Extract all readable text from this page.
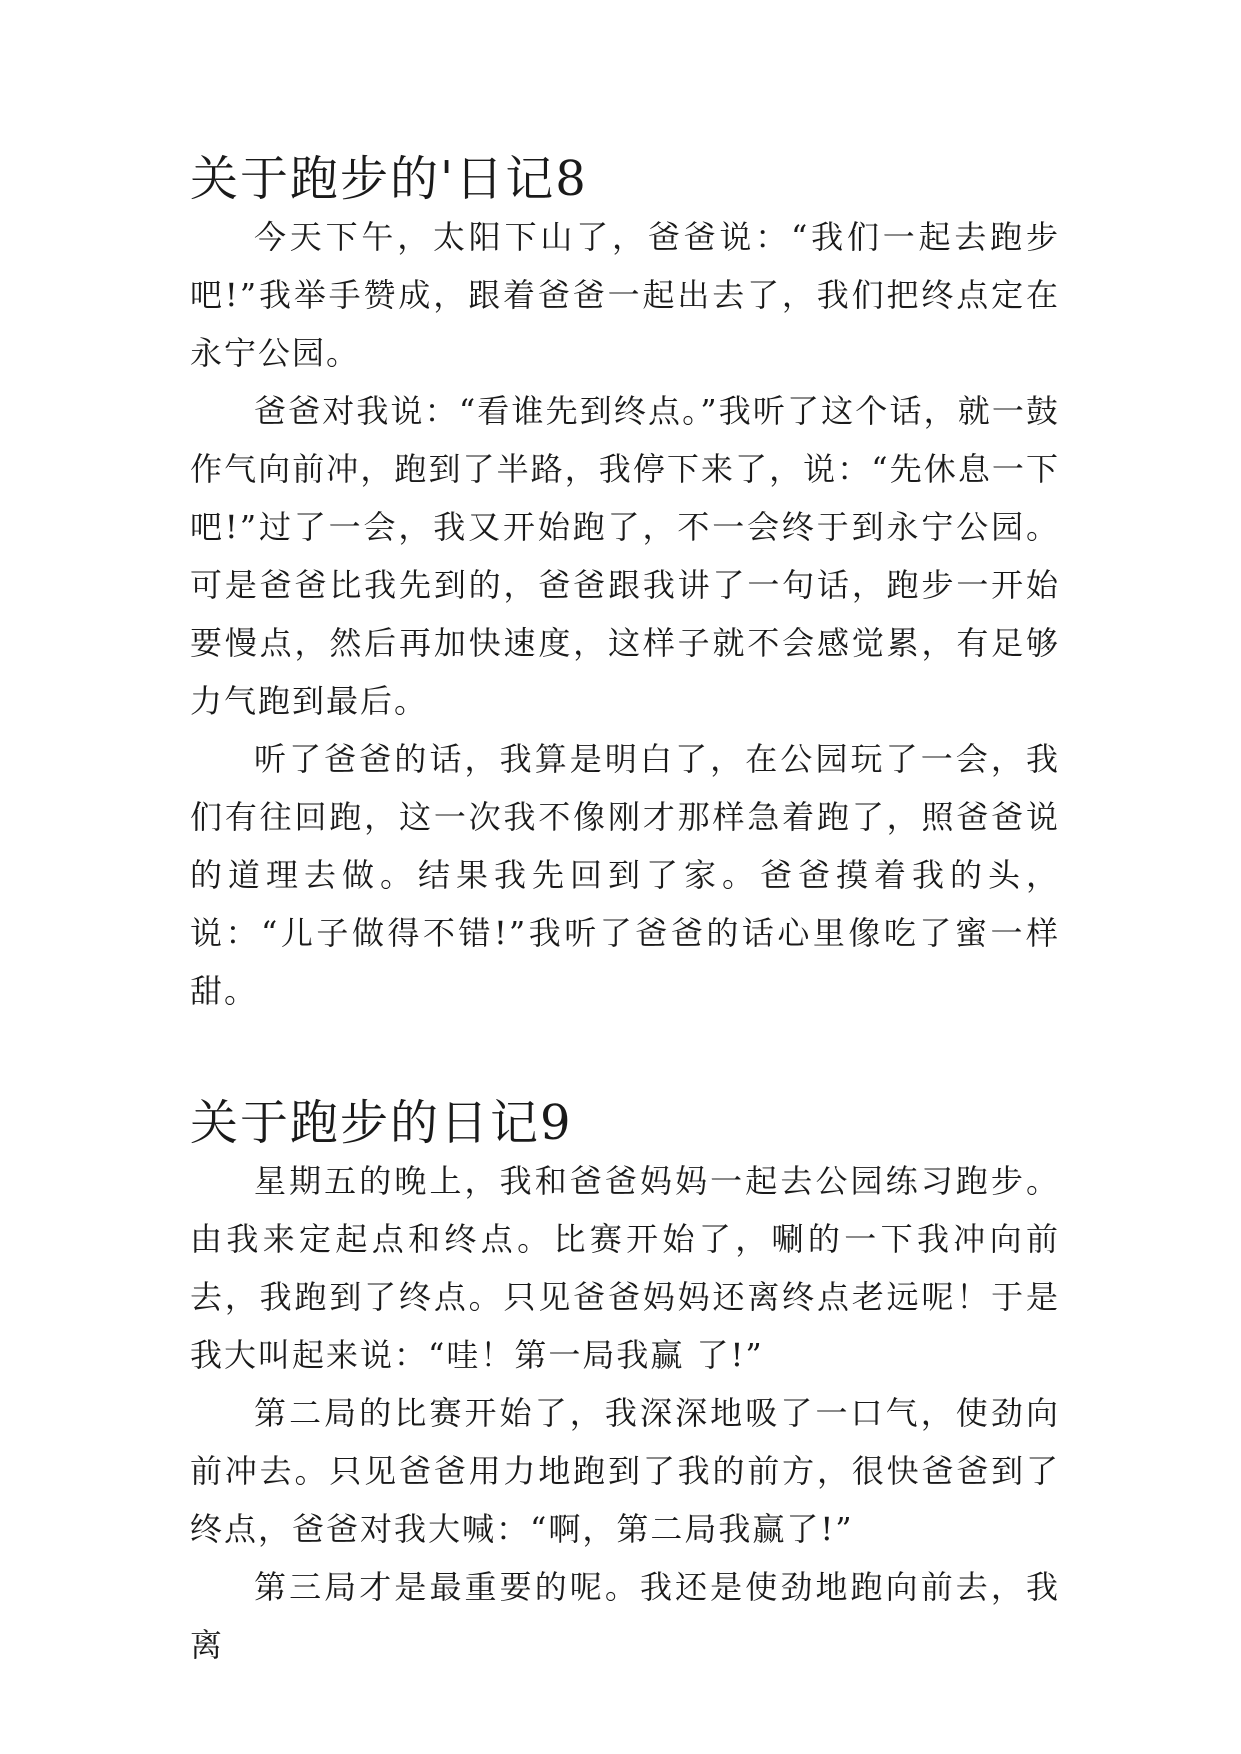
关于跑步的'日记8

今天下午，太阳下山了，爸爸说：“我们一起去跑步吧!”我举手赞成，跟着爸爸一起出去了，我们把终点定在永宁公园。

爸爸对我说：“看谁先到终点。”我听了这个话，就一鼓作气向前冲，跑到了半路，我停下来了，说：“先休息一下吧!”过了一会，我又开始跑了，不一会终于到永宁公园。可是爸爸比我先到的，爸爸跟我讲了一句话，跑步一开始要慢点，然后再加快速度，这样子就不会感觉累，有足够力气跑到最后。

听了爸爸的话，我算是明白了，在公园玩了一会，我们有往回跑，这一次我不像刚才那样急着跑了，照爸爸说的道理去做。结果我先回到了家。爸爸摸着我的头，说：“儿子做得不错!”我听了爸爸的话心里像吃了蜜一样甜。

关于跑步的日记9

星期五的晚上，我和爸爸妈妈一起去公园练习跑步。由我来定起点和终点。比赛开始了，唰的一下我冲向前去，我跑到了终点。只见爸爸妈妈还离终点老远呢！于是我大叫起来说：“哇！第一局我赢 了!”

第二局的比赛开始了，我深深地吸了一口气，使劲向前冲去。只见爸爸用力地跑到了我的前方，很快爸爸到了终点，爸爸对我大喊：“啊，第二局我赢了!”

第三局才是最重要的呢。我还是使劲地跑向前去，我离
